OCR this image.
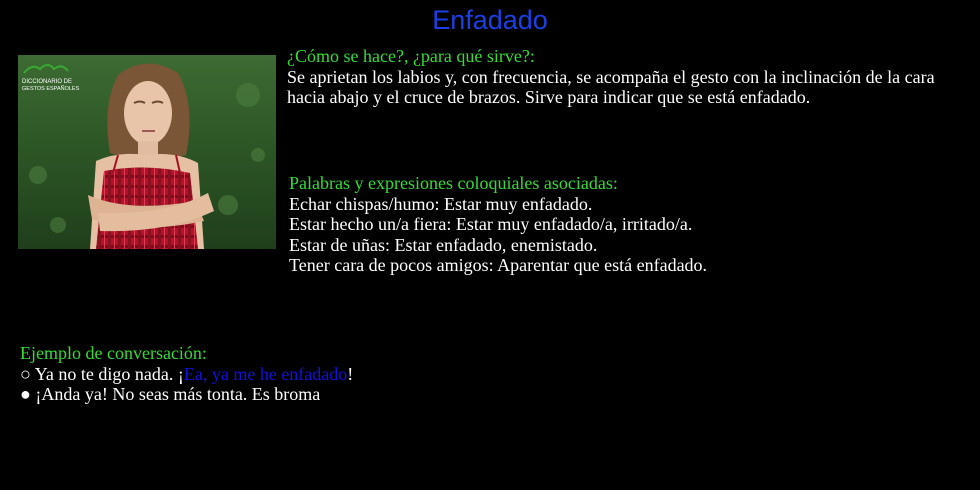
Enfadado
DICCIONARIO DE
GESTOS ESPAÑOLES
¿Cómo se hace?, ¿para qué sirve?:
Se aprietan los labios y, con frecuencia, se acompaña el gesto con la inclinación de la cara hacia abajo y el cruce de brazos. Sirve para indicar que se está enfadado.
Palabras y expresiones coloquiales asociadas:
Echar chispas/humo: Estar muy enfadado.
Estar hecho un/a fiera: Estar muy enfadado/a, irritado/a.
Estar de uñas: Estar enfadado, enemistado.
Tener cara de pocos amigos: Aparentar que está enfadado.
Ejemplo de conversación:
○ Ya no te digo nada. ¡Ea, ya me he enfadado!
● ¡Anda ya! No seas más tonta. Es broma
